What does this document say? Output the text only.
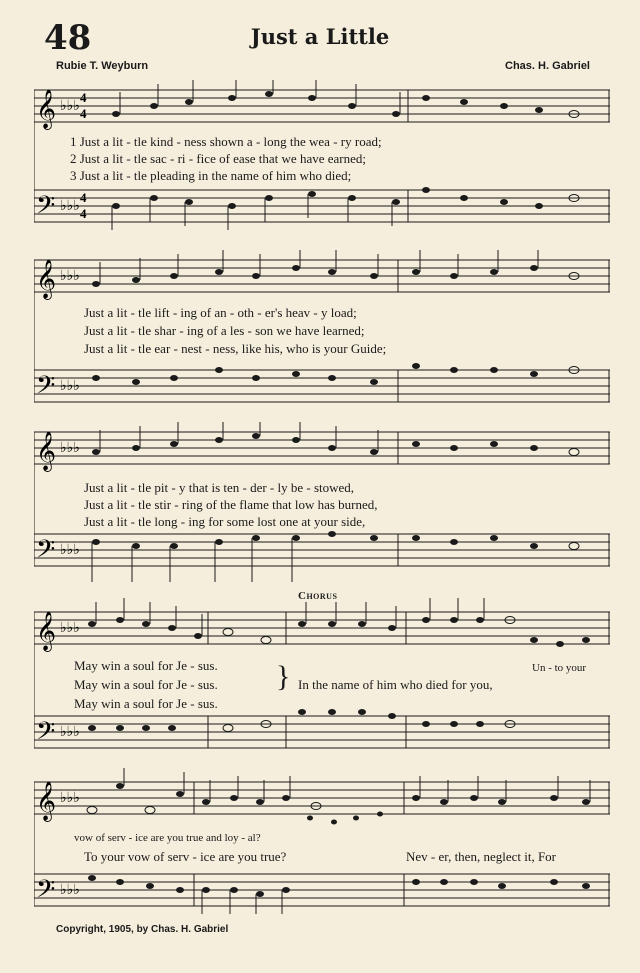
48	Just a Little
Rubie T. Weyburn	Chas. H. Gabriel
𝄞
𝄢
♭♭♭
♭♭♭
4
4
4
4
1 Just a lit - tle kind - ness shown a - long the wea - ry road;
2 Just a lit - tle sac - ri - fice of ease that we have earned;
3 Just a lit - tle pleading in the name of him who died;
𝄞
𝄢
♭♭♭
♭♭♭
Just a lit - tle lift - ing of an - oth - er's heav - y load;
Just a lit - tle shar - ing of a les - son we have learned;
Just a lit - tle ear - nest - ness, like his, who is your Guide;
𝄞
𝄢
♭♭♭
♭♭♭
Just a lit - tle pit - y that is ten - der - ly be - stowed,
Just a lit - tle stir - ring of the flame that low has burned,
Just a lit - tle long - ing for some lost one at your side,
Chorus
𝄞
𝄢
♭♭♭
♭♭♭
May win a soul for Je - sus.
May win a soul for Je - sus.
May win a soul for Je - sus.
} In the name of him who died for you,
Un - to your
𝄞
𝄢
♭♭♭
♭♭♭
vow of serv - ice are you true and loy - al?
To your vow of serv - ice are you true?	Nev - er, then, neglect it, For
Copyright, 1905, by Chas. H. Gabriel
